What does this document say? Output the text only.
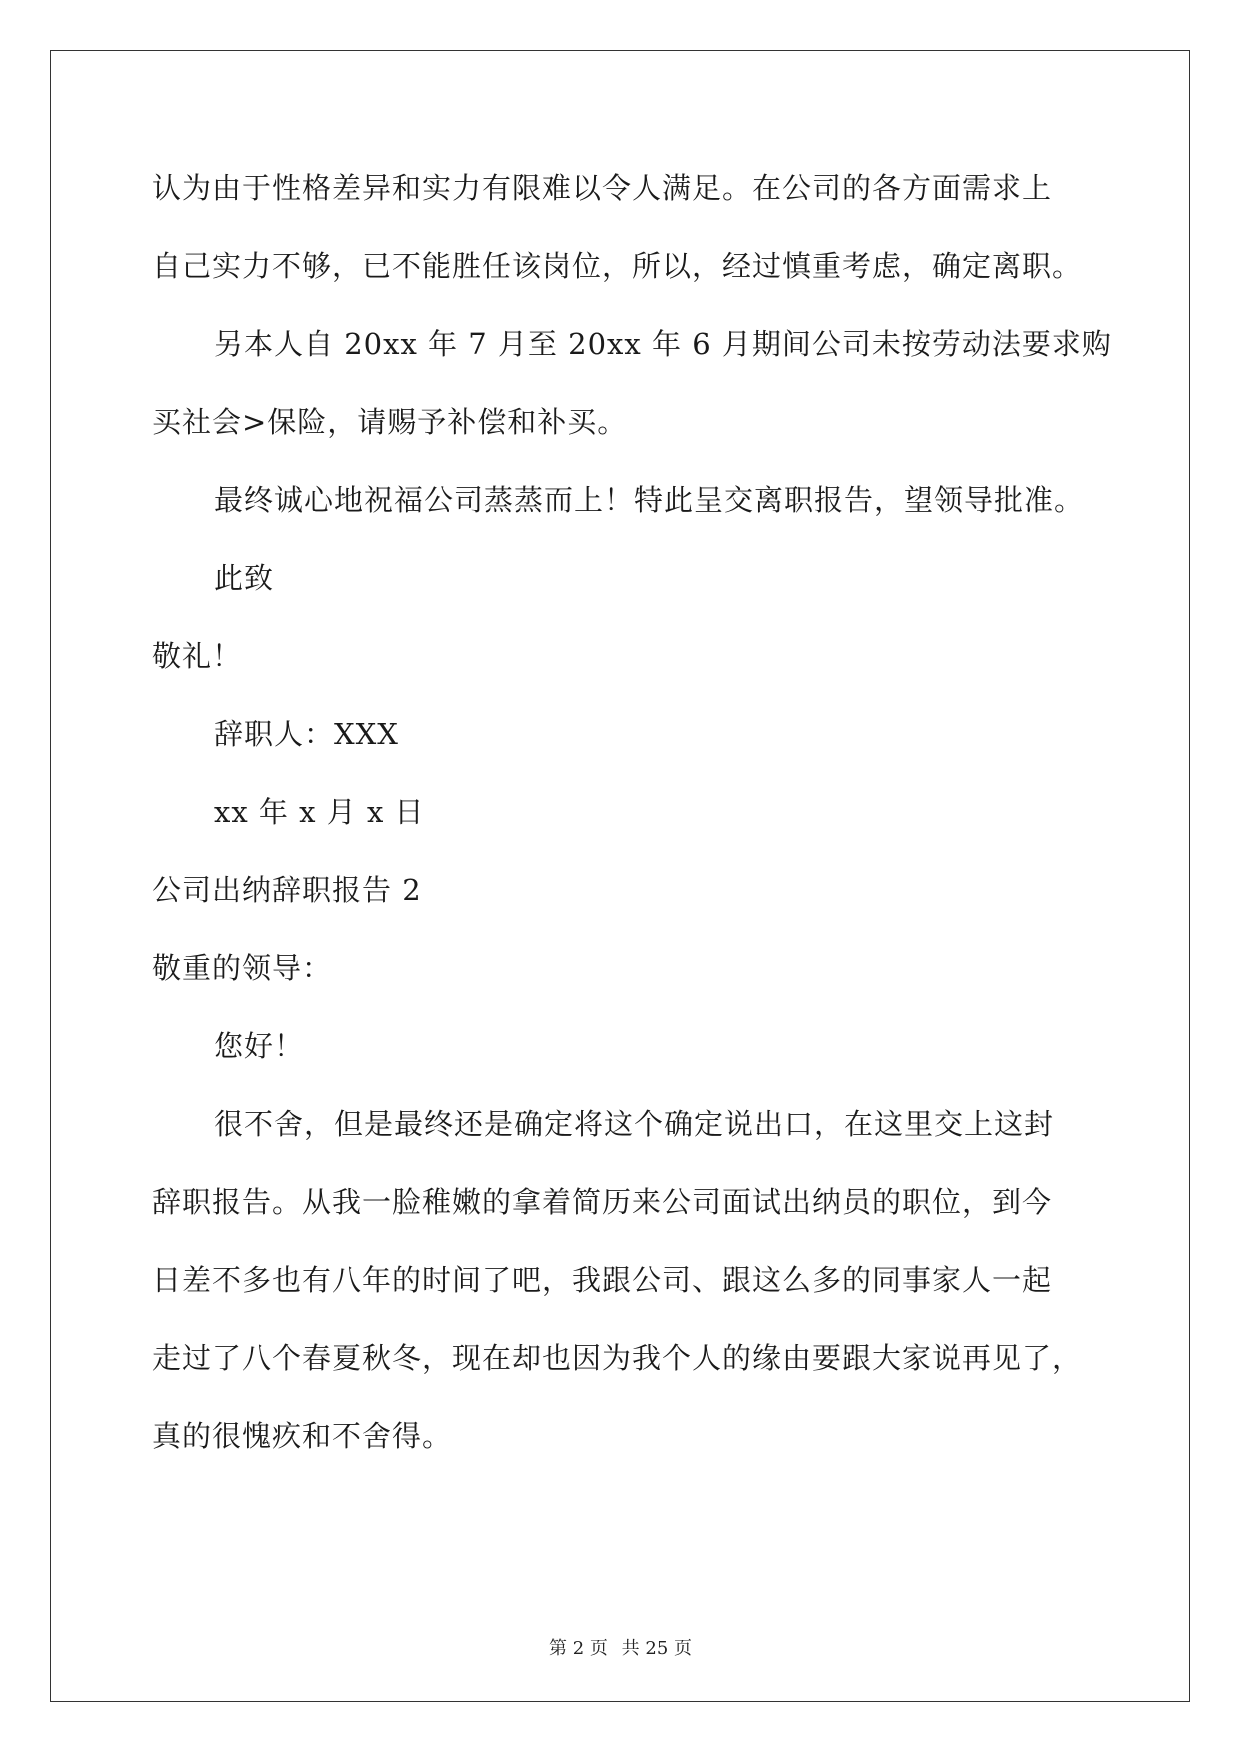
认为由于性格差异和实力有限难以令人满足。在公司的各方面需求上
自己实力不够，已不能胜任该岗位，所以，经过慎重考虑，确定离职。
另本人自 20xx 年 7 月至 20xx 年 6 月期间公司未按劳动法要求购
买社会>保险，请赐予补偿和补买。
最终诚心地祝福公司蒸蒸而上！特此呈交离职报告，望领导批准。
此致
敬礼！
辞职人：XXX
xx 年 x 月 x 日
公司出纳辞职报告 2
敬重的领导：
您好！
很不舍，但是最终还是确定将这个确定说出口，在这里交上这封
辞职报告。从我一脸稚嫩的拿着简历来公司面试出纳员的职位，到今
日差不多也有八年的时间了吧，我跟公司、跟这么多的同事家人一起
走过了八个春夏秋冬，现在却也因为我个人的缘由要跟大家说再见了，
真的很愧疚和不舍得。
第 2 页 共 25 页
